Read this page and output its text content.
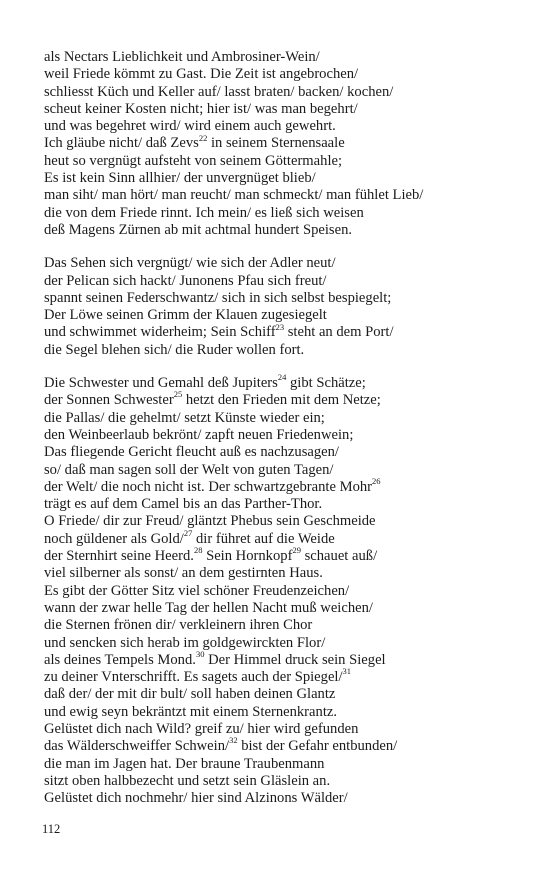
als Nectars Lieblichkeit und Ambrosiner-Wein/
weil Friede kömmt zu Gast. Die Zeit ist angebrochen/
schliesst Küch und Keller auf/ lasst braten/ backen/ kochen/
scheut keiner Kosten nicht; hier ist/ was man begehrt/
und was begehret wird/ wird einem auch gewehrt.
Ich gläube nicht/ daß Zevs$^{22}$ in seinem Sternensaale
heut so vergnügt aufsteht von seinem Göttermahle;
Es ist kein Sinn allhier/ der unvergnüget blieb/
man siht/ man hört/ man reucht/ man schmeckt/ man fühlet Lieb/
die von dem Friede rinnt. Ich mein/ es ließ sich weisen
deß Magens Zürnen ab mit achtmal hundert Speisen.
Das Sehen sich vergnügt/ wie sich der Adler neut/
der Pelican sich hackt/ Junonens Pfau sich freut/
spannt seinen Federschwantz/ sich in sich selbst bespiegelt;
Der Löwe seinen Grimm der Klauen zugesiegelt
und schwimmet widerheim; Sein Schiff$^{23}$ steht an dem Port/
die Segel blehen sich/ die Ruder wollen fort.
Die Schwester und Gemahl deß Jupiters$^{24}$ gibt Schätze;
der Sonnen Schwester$^{25}$ hetzt den Frieden mit dem Netze;
die Pallas/ die gehelmt/ setzt Künste wieder ein;
den Weinbeerlaub bekrönt/ zapft neuen Friedenwein;
Das fliegende Gericht fleucht auß es nachzusagen/
so/ daß man sagen soll der Welt von guten Tagen/
der Welt/ die noch nicht ist. Der schwartzgebrante Mohr$^{26}$
trägt es auf dem Camel bis an das Parther-Thor.
O Friede/ dir zur Freud/ gläntzt Phebus sein Geschmeide
noch güldener als Gold/$^{27}$ dir führet auf die Weide
der Sternhirt seine Heerd.$^{28}$ Sein Hornkopf$^{29}$ schauet auß/
viel silberner als sonst/ an dem gestirnten Haus.
Es gibt der Götter Sitz viel schöner Freudenzeichen/
wann der zwar helle Tag der hellen Nacht muß weichen/
die Sternen frönen dir/ verkleinern ihren Chor
und sencken sich herab im goldgewirckten Flor/
als deines Tempels Mond.$^{30}$ Der Himmel druck sein Siegel
zu deiner Vnterschrifft. Es sagets auch der Spiegel/$^{31}$
daß der/ der mit dir bult/ soll haben deinen Glantz
und ewig seyn bekräntzt mit einem Sternenkrantz.
Gelüstet dich nach Wild? greif zu/ hier wird gefunden
das Wälderschweiffer Schwein/$^{32}$ bist der Gefahr entbunden/
die man im Jagen hat. Der braune Traubenmann
sitzt oben halbbezecht und setzt sein Gläslein an.
Gelüstet dich nochmehr/ hier sind Alzinons Wälder/
112
